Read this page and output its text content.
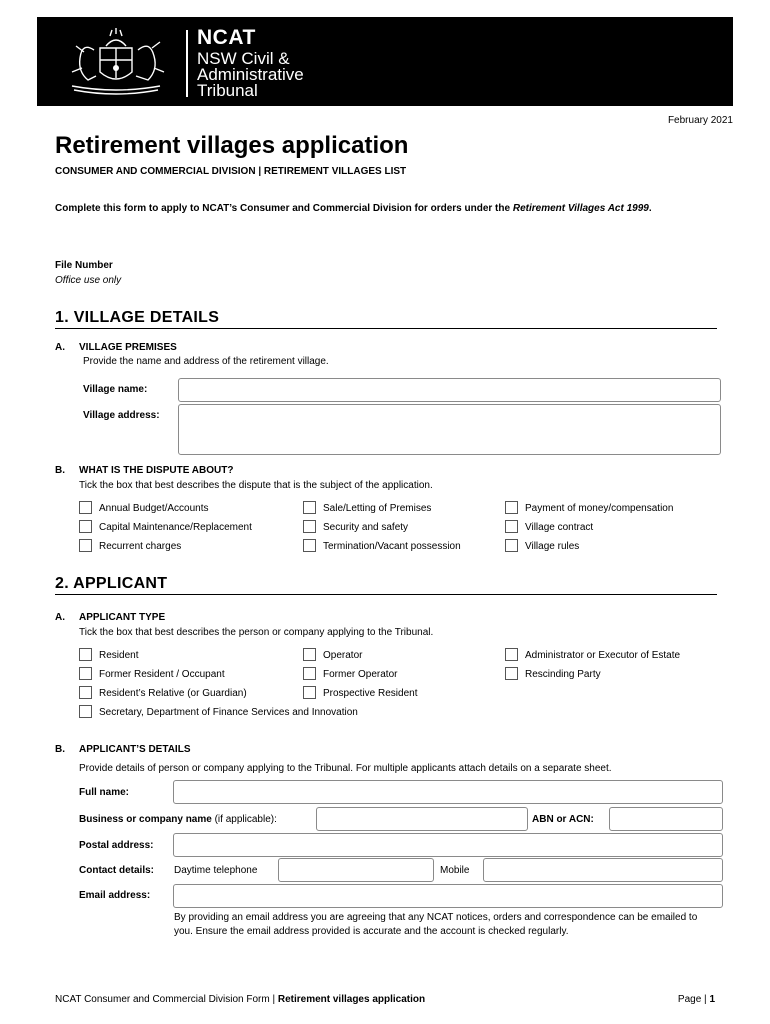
NCAT
NSW Civil &
Administrative
Tribunal
February 2021
Retirement villages application
CONSUMER AND COMMERCIAL DIVISION | RETIREMENT VILLAGES LIST
Complete this form to apply to NCAT’s Consumer and Commercial Division for orders under the Retirement Villages Act 1999.
File Number
Office use only
1. VILLAGE DETAILS
A. VILLAGE PREMISES
Provide the name and address of the retirement village.
Village name:
Village address:
B. WHAT IS THE DISPUTE ABOUT?
Tick the box that best describes the dispute that is the subject of the application.
Annual Budget/Accounts	Sale/Letting of Premises	Payment of money/compensation
Capital Maintenance/Replacement	Security and safety	Village contract
Recurrent charges	Termination/Vacant possession	Village rules
2. APPLICANT
A. APPLICANT TYPE
Tick the box that best describes the person or company applying to the Tribunal.
Resident	Operator	Administrator or Executor of Estate
Former Resident / Occupant	Former Operator	Rescinding Party
Resident’s Relative (or Guardian)	Prospective Resident
Secretary, Department of Finance Services and Innovation
B. APPLICANT’S DETAILS
Provide details of person or company applying to the Tribunal. For multiple applicants attach details on a separate sheet.
Full name:
Business or company name (if applicable):	ABN or ACN:
Postal address:
Contact details: Daytime telephone	Mobile
Email address:
By providing an email address you are agreeing that any NCAT notices, orders and correspondence can be emailed to you. Ensure the email address provided is accurate and the account is checked regularly.
NCAT Consumer and Commercial Division Form | Retirement villages application	Page | 1
